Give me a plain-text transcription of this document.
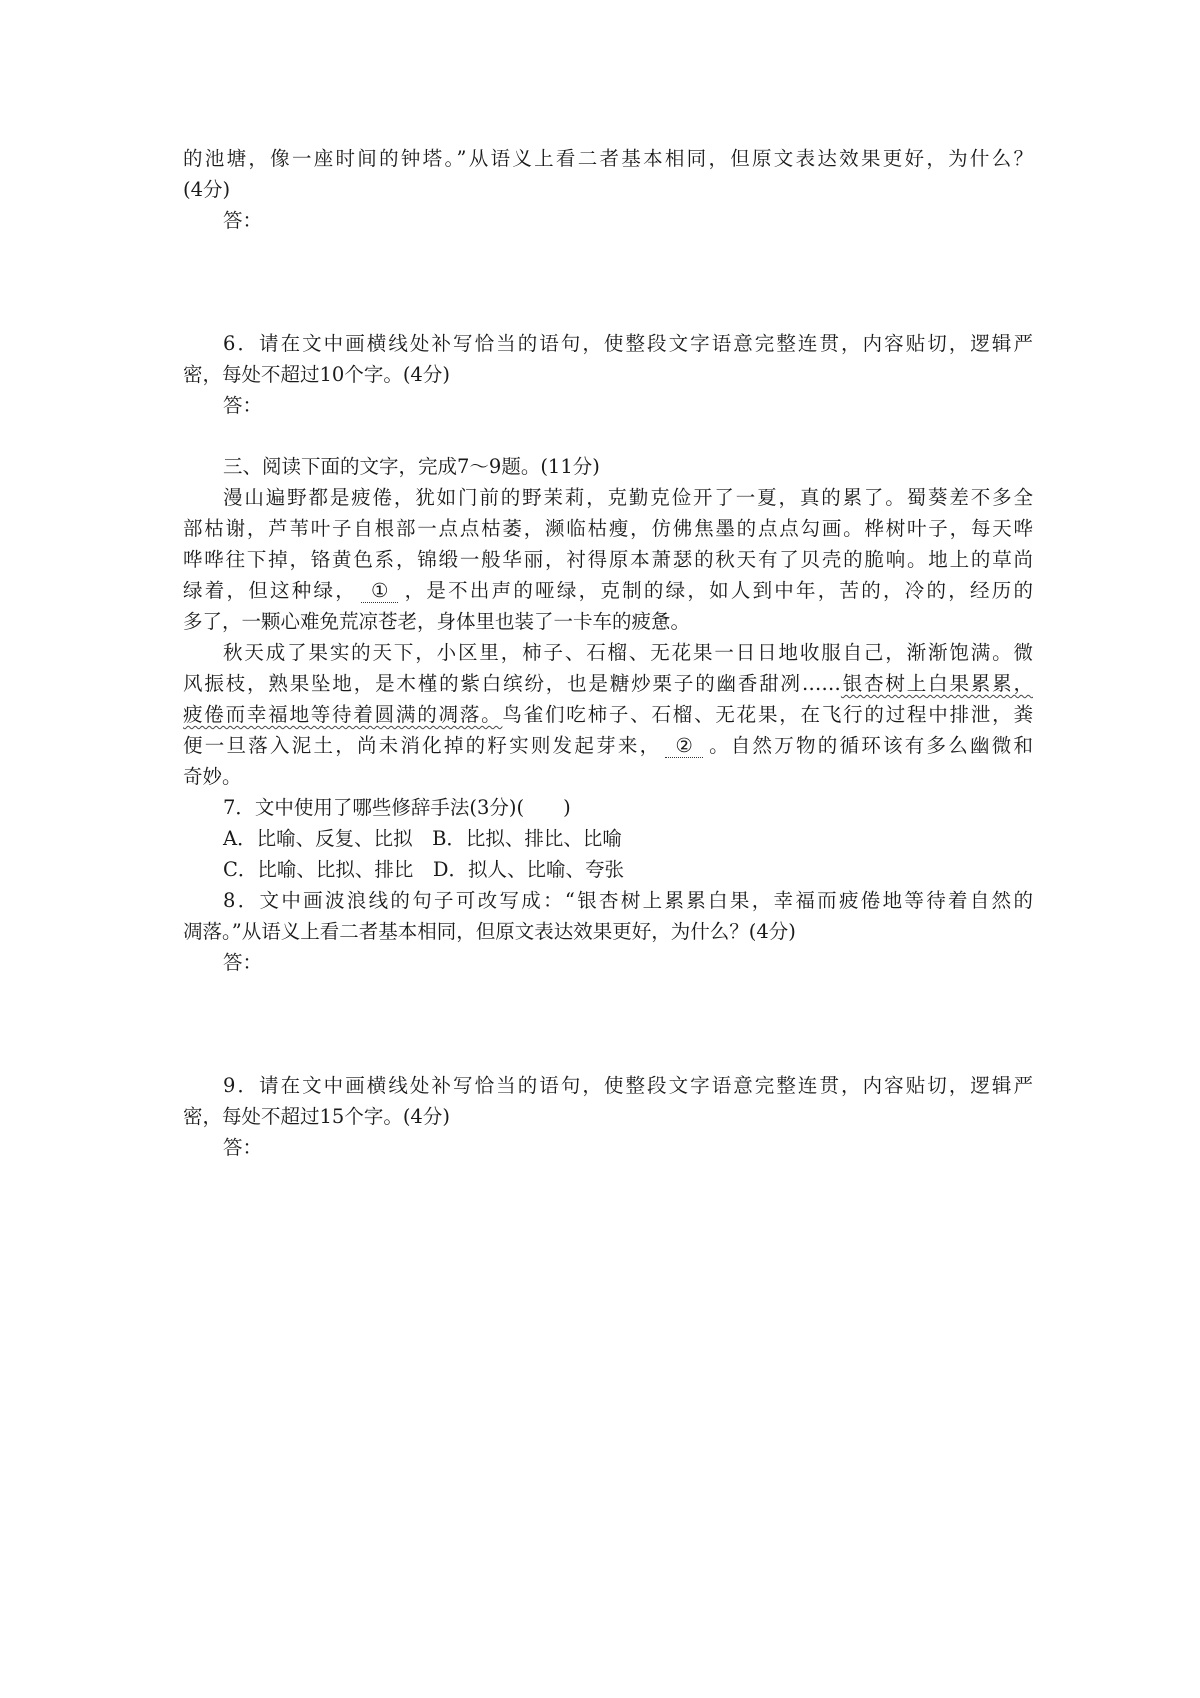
的池塘，像一座时间的钟塔。”从语义上看二者基本相同，但原文表达效果更好，为什么？
(4分)
答：
6．请在文中画横线处补写恰当的语句，使整段文字语意完整连贯，内容贴切，逻辑严
密，每处不超过10个字。(4分)
答：
三、阅读下面的文字，完成7～9题。(11分)
漫山遍野都是疲倦，犹如门前的野茉莉，克勤克俭开了一夏，真的累了。蜀葵差不多全
部枯谢，芦苇叶子自根部一点点枯萎，濒临枯瘦，仿佛焦墨的点点勾画。桦树叶子，每天哗
哗哗往下掉，铬黄色系，锦缎一般华丽，衬得原本萧瑟的秋天有了贝壳的脆响。地上的草尚
绿着，但这种绿， ① ，是不出声的哑绿，克制的绿，如人到中年，苦的，冷的，经历的
多了，一颗心难免荒凉苍老，身体里也装了一卡车的疲惫。
秋天成了果实的天下，小区里，柿子、石榴、无花果一日日地收服自己，渐渐饱满。微
风振枝，熟果坠地，是木槿的紫白缤纷，也是糖炒栗子的幽香甜冽……银杏树上白果累累，
疲倦而幸福地等待着圆满的凋落。鸟雀们吃柿子、石榴、无花果，在飞行的过程中排泄，粪
便一旦落入泥土，尚未消化掉的籽实则发起芽来， ② 。自然万物的循环该有多么幽微和
奇妙。
7．文中使用了哪些修辞手法(3分)(　　)
A．比喻、反复、比拟　B．比拟、排比、比喻
C．比喻、比拟、排比　D．拟人、比喻、夸张
8．文中画波浪线的句子可改写成：“银杏树上累累白果，幸福而疲倦地等待着自然的
凋落。”从语义上看二者基本相同，但原文表达效果更好，为什么？(4分)
答：
9．请在文中画横线处补写恰当的语句，使整段文字语意完整连贯，内容贴切，逻辑严
密，每处不超过15个字。(4分)
答：
